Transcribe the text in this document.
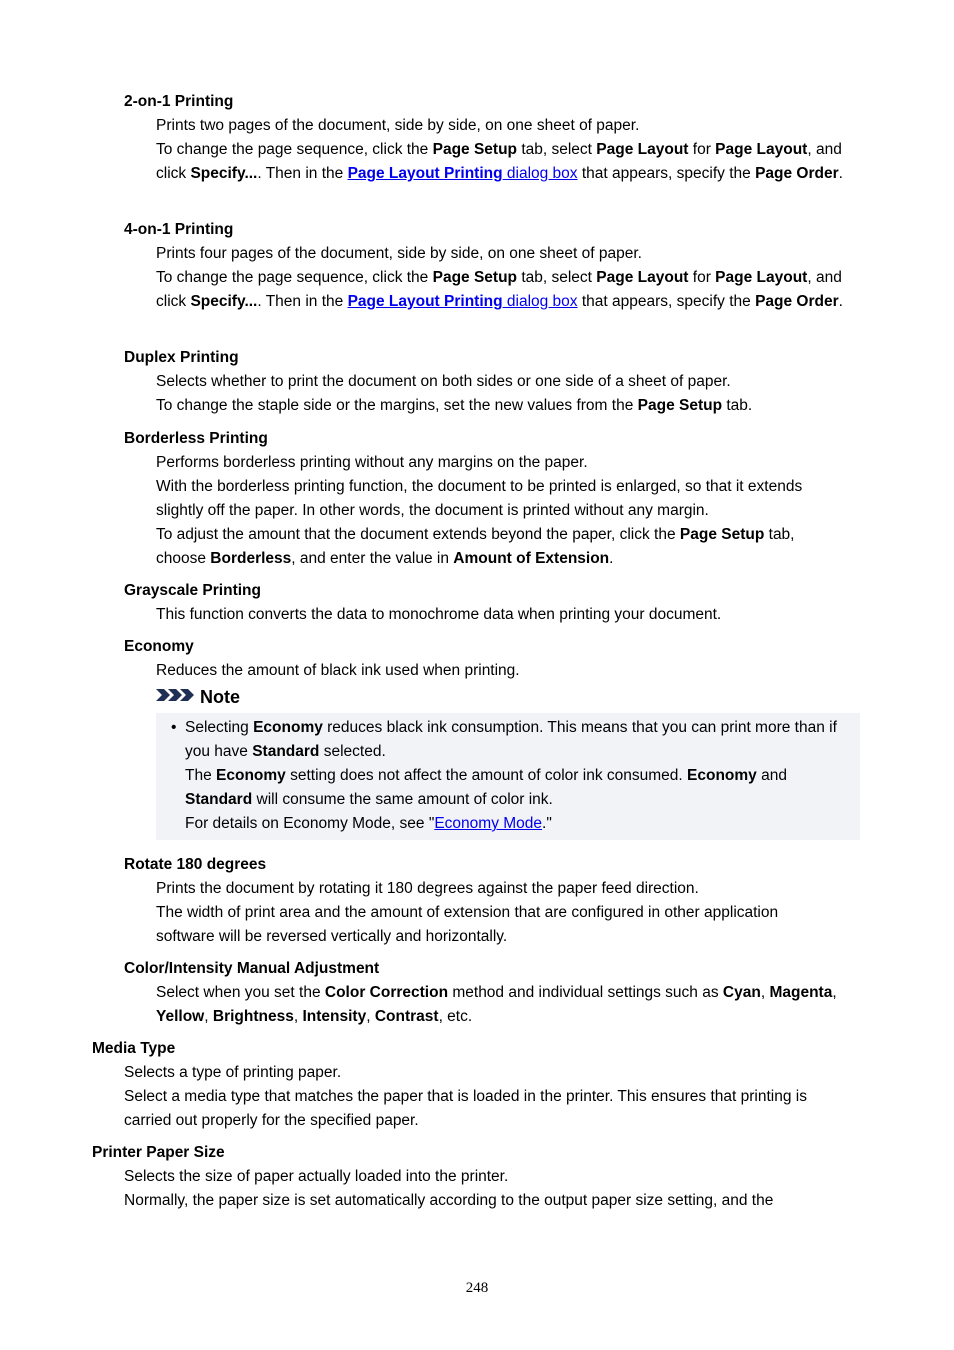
2-on-1 Printing

Prints two pages of the document, side by side, on one sheet of paper.

To change the page sequence, click the Page Setup tab, select Page Layout for Page Layout, and click Specify.... Then in the Page Layout Printing dialog box that appears, specify the Page Order.

4-on-1 Printing

Prints four pages of the document, side by side, on one sheet of paper.

To change the page sequence, click the Page Setup tab, select Page Layout for Page Layout, and click Specify.... Then in the Page Layout Printing dialog box that appears, specify the Page Order.

Duplex Printing

Selects whether to print the document on both sides or one side of a sheet of paper.

To change the staple side or the margins, set the new values from the Page Setup tab.

Borderless Printing

Performs borderless printing without any margins on the paper.

With the borderless printing function, the document to be printed is enlarged, so that it extends slightly off the paper. In other words, the document is printed without any margin.

To adjust the amount that the document extends beyond the paper, click the Page Setup tab, choose Borderless, and enter the value in Amount of Extension.

Grayscale Printing

This function converts the data to monochrome data when printing your document.

Economy

Reduces the amount of black ink used when printing.

Note
• Selecting Economy reduces black ink consumption. This means that you can print more than if you have Standard selected.
The Economy setting does not affect the amount of color ink consumed. Economy and Standard will consume the same amount of color ink.
For details on Economy Mode, see "Economy Mode."
Rotate 180 degrees

Prints the document by rotating it 180 degrees against the paper feed direction.

The width of print area and the amount of extension that are configured in other application software will be reversed vertically and horizontally.

Color/Intensity Manual Adjustment

Select when you set the Color Correction method and individual settings such as Cyan, Magenta, Yellow, Brightness, Intensity, Contrast, etc.

Media Type

Selects a type of printing paper.

Select a media type that matches the paper that is loaded in the printer. This ensures that printing is carried out properly for the specified paper.

Printer Paper Size

Selects the size of paper actually loaded into the printer.

Normally, the paper size is set automatically according to the output paper size setting, and the

248
